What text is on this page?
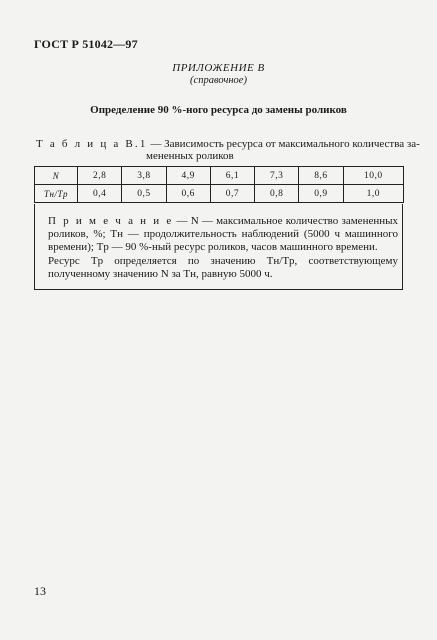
ГОСТ Р 51042—97
ПРИЛОЖЕНИЕ В
(справочное)
Определение 90 %-ного ресурса до замены роликов
Т а б л и ц а В.1 — Зависимость ресурса от максимального количества за-
мененных роликов
N	2,8	3,8	4,9	6,1	7,3	8,6	10,0
Tн/Tр	0,4	0,5	0,6	0,7	0,8	0,9	1,0
П р и м е ч а н и е — N — максимальное количество замененных роликов, %; Tн — продолжительность наблюдений (5000 ч машинного времени); Tр — 90 %-ный ресурс роликов, часов машинного времени.
Ресурс Tр определяется по значению Tн/Tр, соответствующему полученному значению N за Tн, равную 5000 ч.
13
